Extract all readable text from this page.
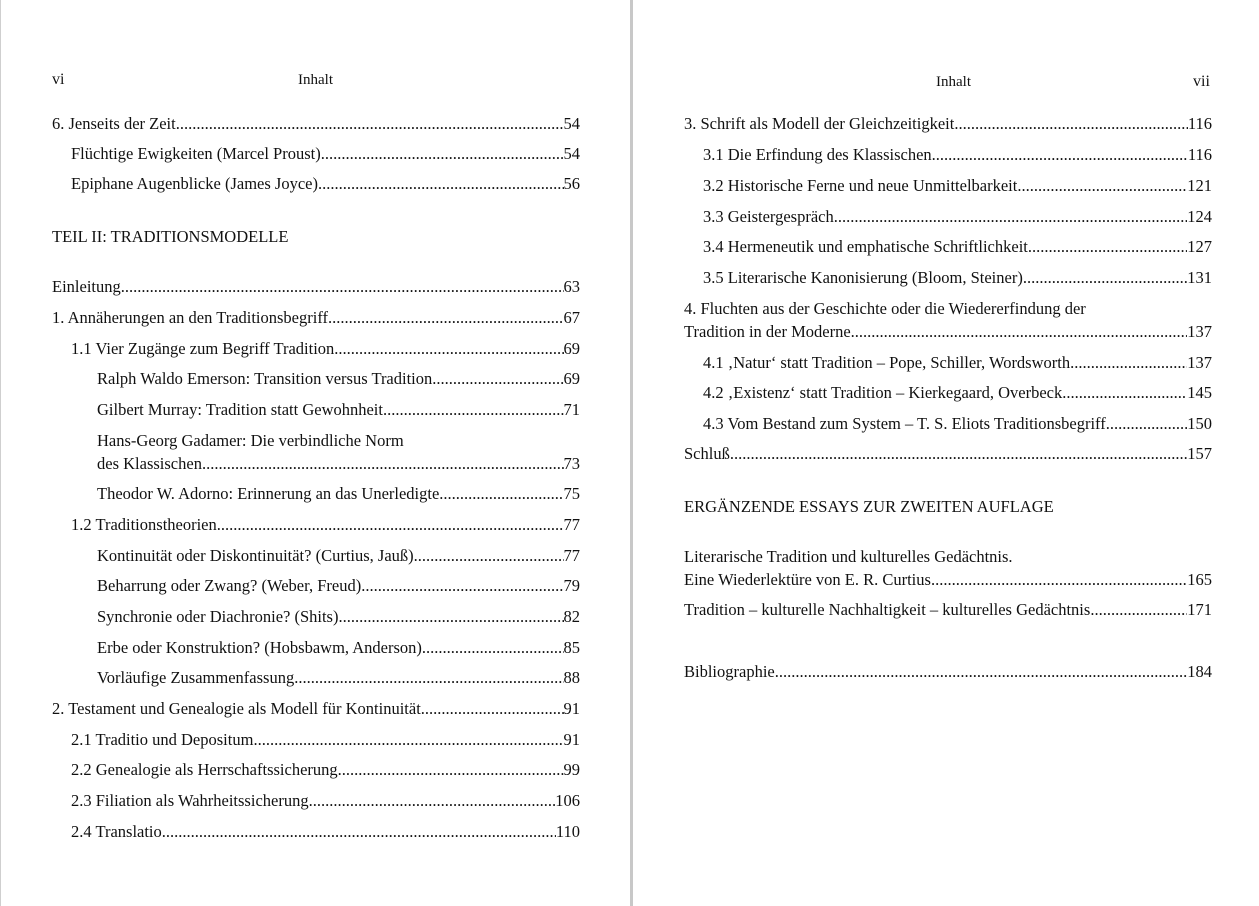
vi	Inhalt
6. Jenseits der Zeit .....	54
Flüchtige Ewigkeiten (Marcel Proust) .....	54
Epiphane Augenblicke (James Joyce) .....	56
TEIL II: TRADITIONSMODELLE
Einleitung .....	63
1. Annäherungen an den Traditionsbegriff .....	67
1.1 Vier Zugänge zum Begriff Tradition .....	69
Ralph Waldo Emerson: Transition versus Tradition .....	69
Gilbert Murray: Tradition statt Gewohnheit .....	71
Hans-Georg Gadamer: Die verbindliche Norm
des Klassischen .....	73
Theodor W. Adorno: Erinnerung an das Unerledigte .....	75
1.2 Traditionstheorien .....	77
Kontinuität oder Diskontinuität? (Curtius, Jauß) .....	77
Beharrung oder Zwang? (Weber, Freud) .....	79
Synchronie oder Diachronie? (Shits) .....	82
Erbe oder Konstruktion? (Hobsbawm, Anderson) .....	85
Vorläufige Zusammenfassung .....	88
2. Testament und Genealogie als Modell für Kontinuität .....	91
2.1 Traditio und Depositum .....	91
2.2 Genealogie als Herrschaftssicherung .....	99
2.3 Filiation als Wahrheitssicherung .....	106
2.4 Translatio .....	110
Inhalt	vii
3. Schrift als Modell der Gleichzeitigkeit .....	116
3.1 Die Erfindung des Klassischen .....	116
3.2 Historische Ferne und neue Unmittelbarkeit .....	121
3.3 Geistergespräch .....	124
3.4 Hermeneutik und emphatische Schriftlichkeit .....	127
3.5 Literarische Kanonisierung (Bloom, Steiner) .....	131
4. Fluchten aus der Geschichte oder die Wiedererfindung der
Tradition in der Moderne .....	137
4.1 ‚Natur‘ statt Tradition – Pope, Schiller, Wordsworth .....	137
4.2 ‚Existenz‘ statt Tradition – Kierkegaard, Overbeck .....	145
4.3 Vom Bestand zum System – T. S. Eliots Traditionsbegriff .....	150
Schluß .....	157
ERGÄNZENDE ESSAYS ZUR ZWEITEN AUFLAGE
Literarische Tradition und kulturelles Gedächtnis.
Eine Wiederlektüre von E. R. Curtius .....	165
Tradition – kulturelle Nachhaltigkeit – kulturelles Gedächtnis .....	171
Bibliographie .....	184
